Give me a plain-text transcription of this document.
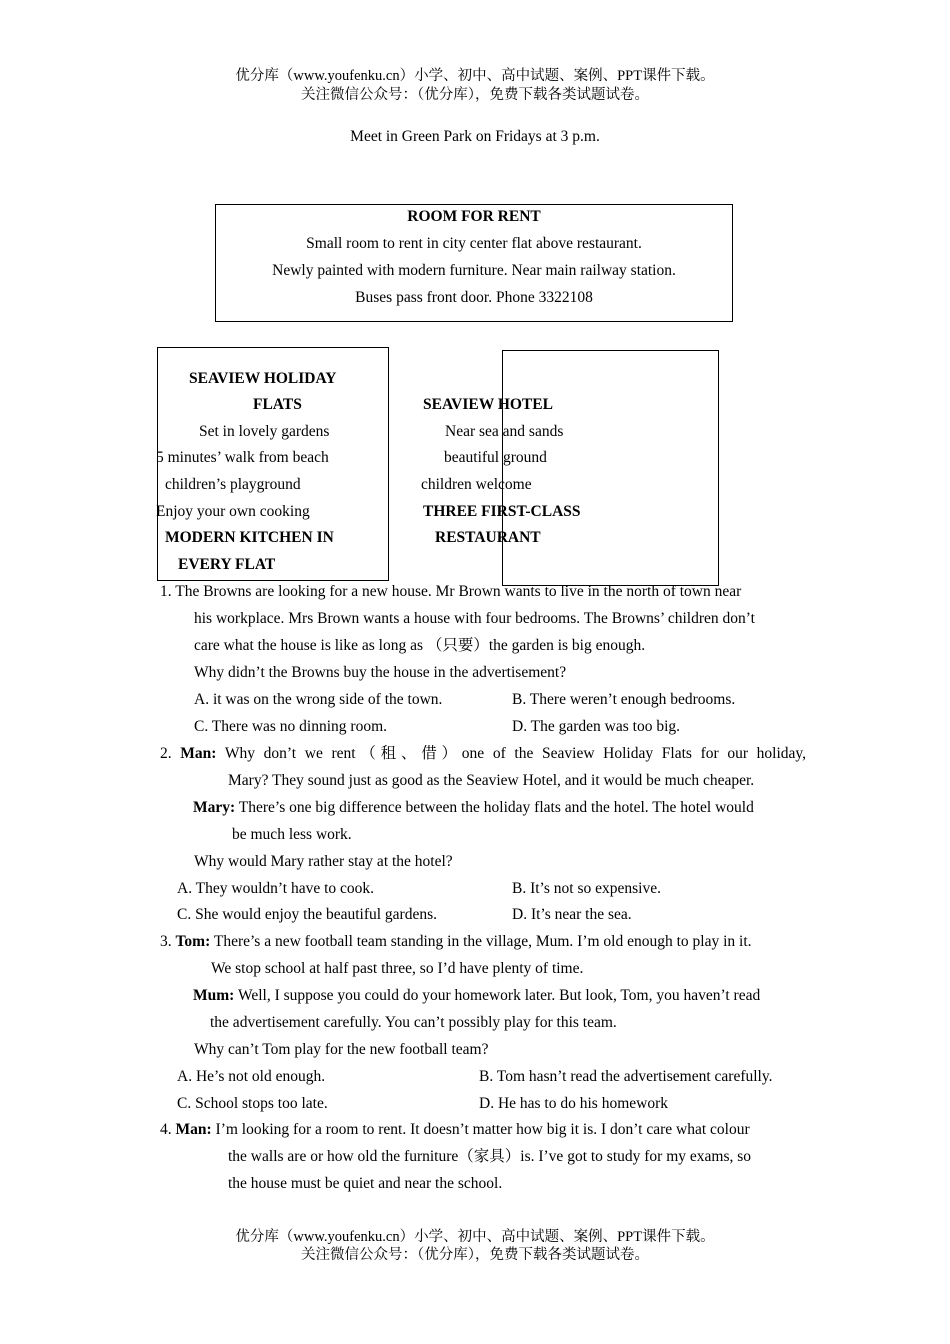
优分库（www.youfenku.cn）小学、初中、高中试题、案例、PPT课件下载。
关注微信公众号：（优分库），免费下载各类试题试卷。
Meet in Green Park on Fridays at 3 p.m.
ROOM FOR RENT
Small room to rent in city center flat above restaurant.
Newly painted with modern furniture. Near main railway station.
Buses pass front door. Phone 3322108
SEAVIEW HOLIDAY
FLATS
Set in lovely gardens
5 minutes’ walk from beach
children’s playground
Enjoy your own cooking
MODERN KITCHEN IN
EVERY FLAT
SEAVIEW HOTEL
Near sea and sands
beautiful ground
children welcome
THREE FIRST-CLASS
RESTAURANT
1. The Browns are looking for a new house. Mr Brown wants to live in the north of town near
his workplace. Mrs Brown wants a house with four bedrooms. The Browns’ children don’t
care what the house is like as long as （只要）the garden is big enough.
Why didn’t the Browns buy the house in the advertisement?
A. it was on the wrong side of the town.	B. There weren’t enough bedrooms.
C. There was no dinning room.	D. The garden was too big.
2. Man: Why don’t we rent（租、借）one of the Seaview Holiday Flats for our holiday,
Mary? They sound just as good as the Seaview Hotel, and it would be much cheaper.
Mary: There’s one big difference between the holiday flats and the hotel. The hotel would
be much less work.
Why would Mary rather stay at the hotel?
A. They wouldn’t have to cook.	B. It’s not so expensive.
C. She would enjoy the beautiful gardens.	D. It’s near the sea.
3. Tom: There’s a new football team standing in the village, Mum. I’m old enough to play in it.
We stop school at half past three, so I’d have plenty of time.
Mum: Well, I suppose you could do your homework later. But look, Tom, you haven’t read
the advertisement carefully. You can’t possibly play for this team.
Why can’t Tom play for the new football team?
A. He’s not old enough.	B. Tom hasn’t read the advertisement carefully.
C. School stops too late.	D. He has to do his homework
4. Man: I’m looking for a room to rent. It doesn’t matter how big it is. I don’t care what colour
the walls are or how old the furniture（家具）is. I’ve got to study for my exams, so
the house must be quiet and near the school.
优分库（www.youfenku.cn）小学、初中、高中试题、案例、PPT课件下载。
关注微信公众号：（优分库），免费下载各类试题试卷。
